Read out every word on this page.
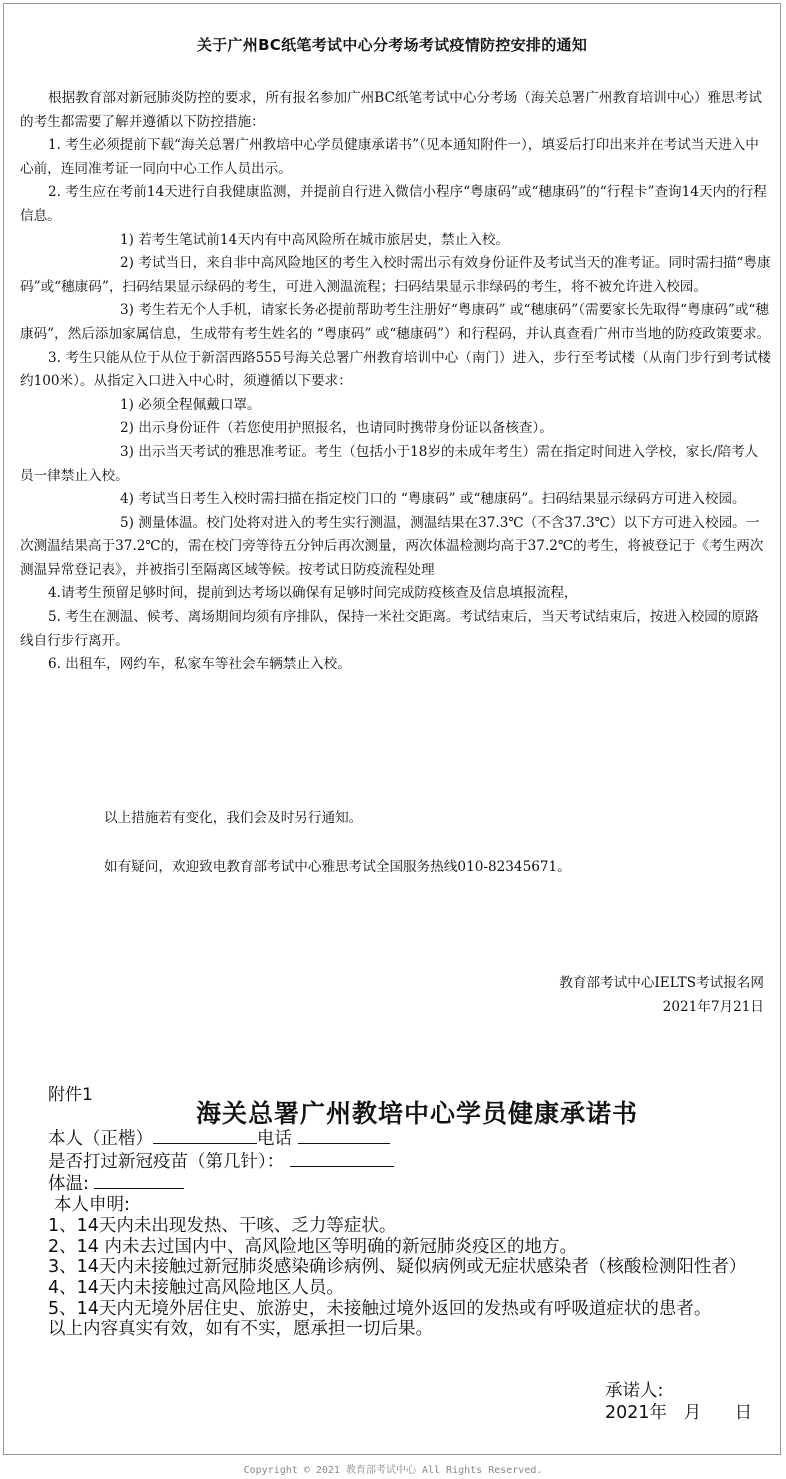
关于广州BC纸笔考试中心分考场考试疫情防控安排的通知

根据教育部对新冠肺炎防控的要求，所有报名参加广州BC纸笔考试中心分考场（海关总署广州教育培训中心）雅思考试的考生都需要了解并遵循以下防控措施：

1. 考生必须提前下载“海关总署广州教培中心学员健康承诺书”（见本通知附件一），填妥后打印出来并在考试当天进入中心前，连同准考证一同向中心工作人员出示。

2. 考生应在考前14天进行自我健康监测，并提前自行进入微信小程序“粤康码”或“穗康码”的“行程卡”查询14天内的行程信息。

1) 若考生笔试前14天内有中高风险所在城市旅居史，禁止入校。

2) 考试当日，来自非中高风险地区的考生入校时需出示有效身份证件及考试当天的准考证。同时需扫描“粤康码”或“穗康码”，扫码结果显示绿码的考生，可进入测温流程；扫码结果显示非绿码的考生，将不被允许进入校园。

3) 考生若无个人手机，请家长务必提前帮助考生注册好“粤康码” 或“穗康码”（需要家长先取得“粤康码”或“穗康码”，然后添加家属信息，生成带有考生姓名的 “粤康码” 或“穗康码”）和行程码，并认真查看广州市当地的防疫政策要求。

3. 考生只能从位于从位于新滘西路555号海关总署广州教育培训中心（南门）进入，步行至考试楼（从南门步行到考试楼约100米）。从指定入口进入中心时，须遵循以下要求：

1) 必须全程佩戴口罩。

2) 出示身份证件（若您使用护照报名，也请同时携带身份证以备核查）。

3) 出示当天考试的雅思准考证。考生（包括小于18岁的未成年考生）需在指定时间进入学校，家长/陪考人员一律禁止入校。

4) 考试当日考生入校时需扫描在指定校门口的 “粤康码” 或“穗康码”。扫码结果显示绿码方可进入校园。

5) 测量体温。校门处将对进入的考生实行测温，测温结果在37.3℃（不含37.3℃）以下方可进入校园。一次测温结果高于37.2℃的，需在校门旁等待五分钟后再次测量，两次体温检测均高于37.2℃的考生，将被登记于《考生两次测温异常登记表》，并被指引至隔离区域等候。按考试日防疫流程处理

4.请考生预留足够时间，提前到达考场以确保有足够时间完成防疫核查及信息填报流程，

5. 考生在测温、候考、离场期间均须有序排队，保持一米社交距离。考试结束后，当天考试结束后，按进入校园的原路线自行步行离开。

6. 出租车，网约车，私家车等社会车辆禁止入校。

以上措施若有变化，我们会及时另行通知。
如有疑问，欢迎致电教育部考试中心雅思考试全国服务热线010-82345671。
教育部考试中心IELTS考试报名网
2021年7月21日
附件1
海关总署广州教培中心学员健康承诺书

本人（正楷）	电话

是否打过新冠疫苗（第几针）：

体温:

本人申明:

1、14天内未出现发热、干咳、乏力等症状。

2、14 内未去过国内中、高风险地区等明确的新冠肺炎疫区的地方。

3、14天内未接触过新冠肺炎感染确诊病例、疑似病例或无症状感染者（核酸检测阳性者）

4、14天内未接触过高风险地区人员。

5、14天内无境外居住史、旅游史，未接触过境外返回的发热或有呼吸道症状的患者。

以上内容真实有效，如有不实，愿承担一切后果。

承诺人:
2021年 月 日
Copyright © 2021 教育部考试中心 All Rights Reserved.
